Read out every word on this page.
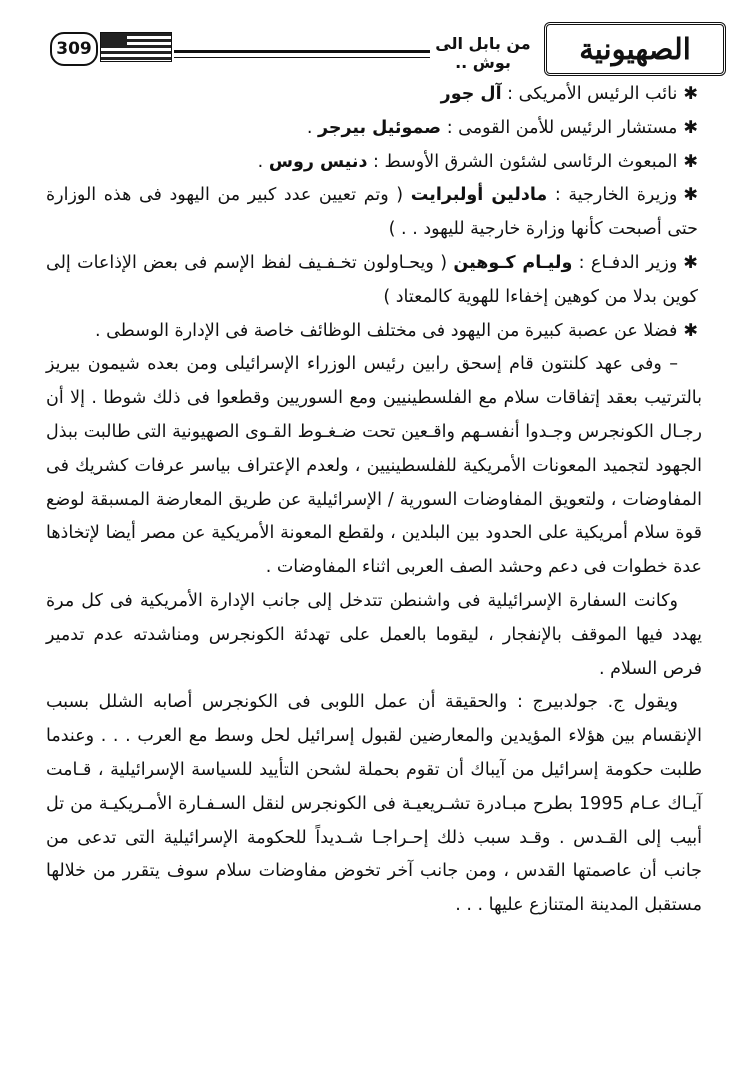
309	من بابل الى بوش ..	الصهيونية

✱نائب الرئيس الأمريكى : آل جور

✱مستشار الرئيس للأمن القومى : صموئيل بيرجر .

✱المبعوث الرئاسى لشئون الشرق الأوسط : دنيس روس .

✱وزيرة الخارجية : مادلين أولبرايت ( وتم تعيين عدد كبير من اليهود فى هذه الوزارة حتى أصبحت كأنها وزارة خارجية لليهود . . )

✱وزير الدفـاع : وليـام كـوهين ( ويحـاولون تخـفـيف لفظ الإسم فى بعض الإذاعات إلى كوين بدلا من كوهين إخفاءا للهوية كالمعتاد )

✱فضلا عن عصبة كبيرة من اليهود فى مختلف الوظائف خاصة فى الإدارة الوسطى .

– وفى عهد كلنتون قام إسحق رابين رئيس الوزراء الإسرائيلى ومن بعده شيمون بيريز بالترتيب بعقد إتفاقات سلام مع الفلسطينيين ومع السوريين وقطعوا فى ذلك شوطا . إلا أن رجـال الكونجرس وجـدوا أنفسـهم واقـعين تحت ضـغـوط القـوى الصهيونية التى طالبت ببذل الجهود لتجميد المعونات الأمريكية للفلسطينيين ، ولعدم الإعتراف بياسر عرفات كشريك فى المفاوضات ، ولتعويق المفاوضات السورية / الإسرائيلية عن طريق المعارضة المسبقة لوضع قوة سلام أمريكية على الحدود بين البلدين ، ولقطع المعونة الأمريكية عن مصر أيضا لإتخاذها عدة خطوات فى دعم وحشد الصف العربى اثناء المفاوضات .

وكانت السفارة الإسرائيلية فى واشنطن تتدخل إلى جانب الإدارة الأمريكية فى كل مرة يهدد فيها الموقف بالإنفجار ، ليقوما بالعمل على تهدئة الكونجرس ومناشدته عدم تدمير فرص السلام .

ويقول ج. جولدبيرج : والحقيقة أن عمل اللوبى فى الكونجرس أصابه الشلل بسبب الإنقسام بين هؤلاء المؤيدين والمعارضين لقبول إسرائيل لحل وسط مع العرب . . . وعندما طلبت حكومة إسرائيل من آيباك أن تقوم بحملة لشحن التأييد للسياسة الإسرائيلية ، قـامت آيـاك عـام 1995 بطرح مبـادرة تشـريعيـة فى الكونجرس لنقل السـفـارة الأمـريكيـة من تل أبيب إلى القـدس . وقـد سبب ذلك إحـراجـا شـديداً للحكومة الإسرائيلية التى تدعى من جانب أن عاصمتها القدس ، ومن جانب آخر تخوض مفاوضات سلام سوف يتقرر من خلالها مستقبل المدينة المتنازع عليها . . .
